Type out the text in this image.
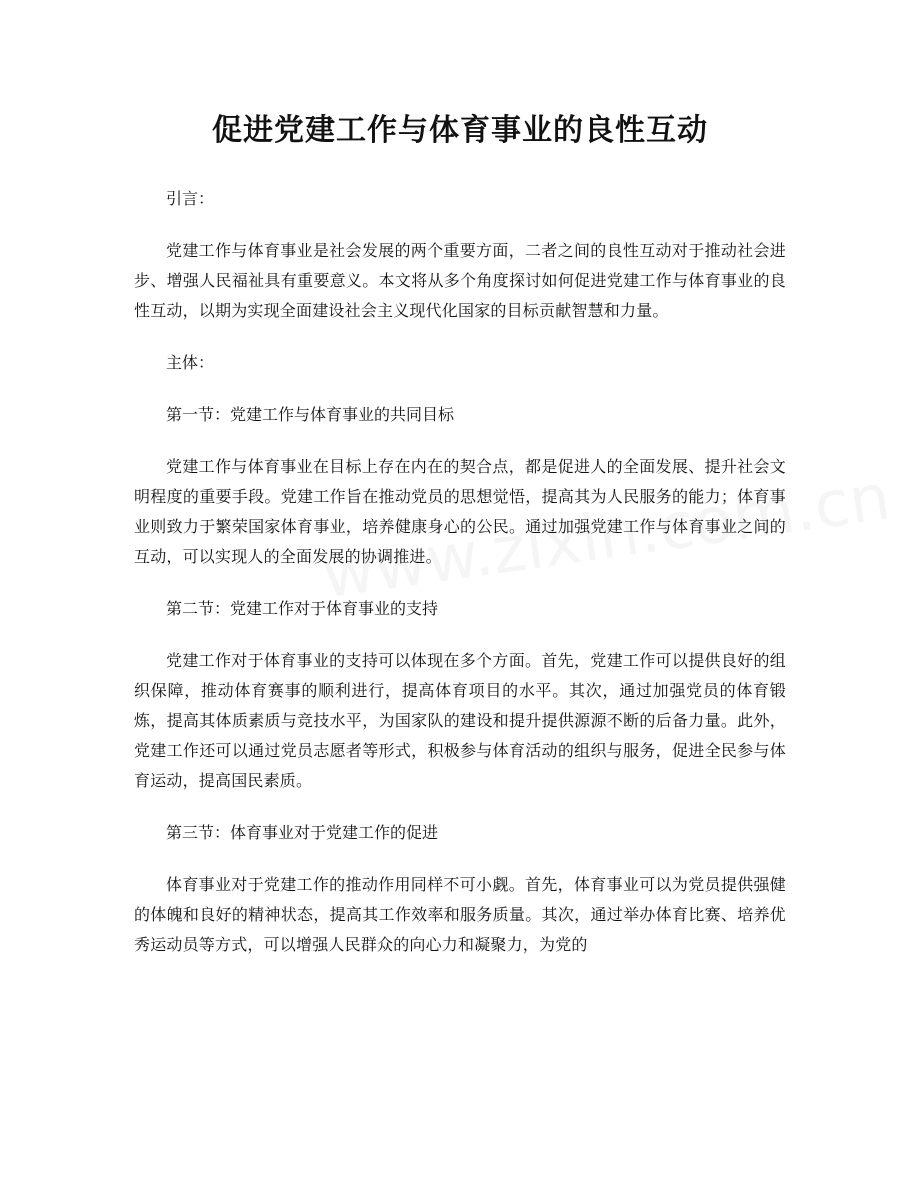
促进党建工作与体育事业的良性互动

引言：

党建工作与体育事业是社会发展的两个重要方面，二者之间的良性互动对于推动社会进步、增强人民福祉具有重要意义。本文将从多个角度探讨如何促进党建工作与体育事业的良性互动，以期为实现全面建设社会主义现代化国家的目标贡献智慧和力量。

主体：

第一节：党建工作与体育事业的共同目标

党建工作与体育事业在目标上存在内在的契合点，都是促进人的全面发展、提升社会文明程度的重要手段。党建工作旨在推动党员的思想觉悟，提高其为人民服务的能力；体育事业则致力于繁荣国家体育事业，培养健康身心的公民。通过加强党建工作与体育事业之间的互动，可以实现人的全面发展的协调推进。

第二节：党建工作对于体育事业的支持

党建工作对于体育事业的支持可以体现在多个方面。首先，党建工作可以提供良好的组织保障，推动体育赛事的顺利进行，提高体育项目的水平。其次，通过加强党员的体育锻炼，提高其体质素质与竞技水平，为国家队的建设和提升提供源源不断的后备力量。此外，党建工作还可以通过党员志愿者等形式，积极参与体育活动的组织与服务，促进全民参与体育运动，提高国民素质。

第三节：体育事业对于党建工作的促进

体育事业对于党建工作的推动作用同样不可小觑。首先，体育事业可以为党员提供强健的体魄和良好的精神状态，提高其工作效率和服务质量。其次，通过举办体育比赛、培养优秀运动员等方式，可以增强人民群众的向心力和凝聚力，为党的
